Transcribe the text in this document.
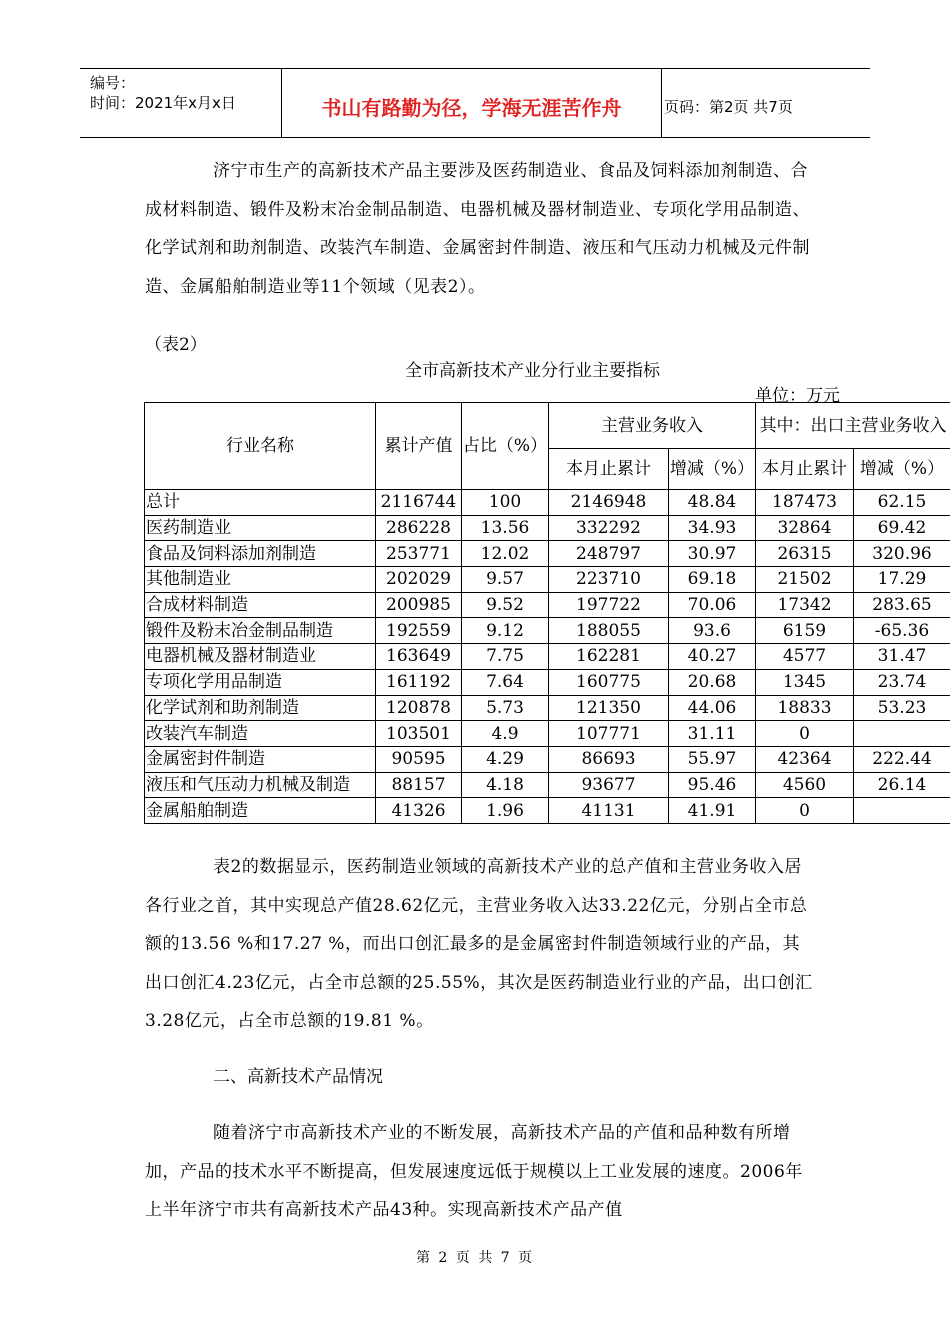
编号：
时间：2021年x月x日	书山有路勤为径，学海无涯苦作舟	页码：第2页 共7页

济宁市生产的高新技术产品主要涉及医药制造业、食品及饲料添加剂制造、合成材料制造、锻件及粉末冶金制品制造、电器机械及器材制造业、专项化学用品制造、化学试剂和助剂制造、改装汽车制造、金属密封件制造、液压和气压动力机械及元件制造、金属船舶制造业等11个领域（见表2）。

（表2）

全市高新技术产业分行业主要指标

单位：万元

行业名称	累计产值	占比（%）	主营业务收入		其中：出口主营业务收入	
			本月止累计	增减（%）	本月止累计	增减（%）
总计	2116744	100	2146948	48.84	187473	62.15
医药制造业	286228	13.56	332292	34.93	32864	69.42
食品及饲料添加剂制造	253771	12.02	248797	30.97	26315	320.96
其他制造业	202029	9.57	223710	69.18	21502	17.29
合成材料制造	200985	9.52	197722	70.06	17342	283.65
锻件及粉末冶金制品制造	192559	9.12	188055	93.6	6159	-65.36
电器机械及器材制造业	163649	7.75	162281	40.27	4577	31.47
专项化学用品制造	161192	7.64	160775	20.68	1345	23.74
化学试剂和助剂制造	120878	5.73	121350	44.06	18833	53.23
改装汽车制造	103501	4.9	107771	31.11	0	
金属密封件制造	90595	4.29	86693	55.97	42364	222.44
液压和气压动力机械及制造	88157	4.18	93677	95.46	4560	26.14
金属船舶制造	41326	1.96	41131	41.91	0	

表2的数据显示，医药制造业领域的高新技术产业的总产值和主营业务收入居各行业之首，其中实现总产值28.62亿元，主营业务收入达33.22亿元，分别占全市总额的13.56 %和17.27 %，而出口创汇最多的是金属密封件制造领域行业的产品，其出口创汇4.23亿元，占全市总额的25.55%，其次是医药制造业行业的产品，出口创汇3.28亿元，占全市总额的19.81 %。

二、高新技术产品情况

随着济宁市高新技术产业的不断发展，高新技术产品的产值和品种数有所增加，产品的技术水平不断提高，但发展速度远低于规模以上工业发展的速度。2006年上半年济宁市共有高新技术产品43种。实现高新技术产品产值

第 2 页 共 7 页
